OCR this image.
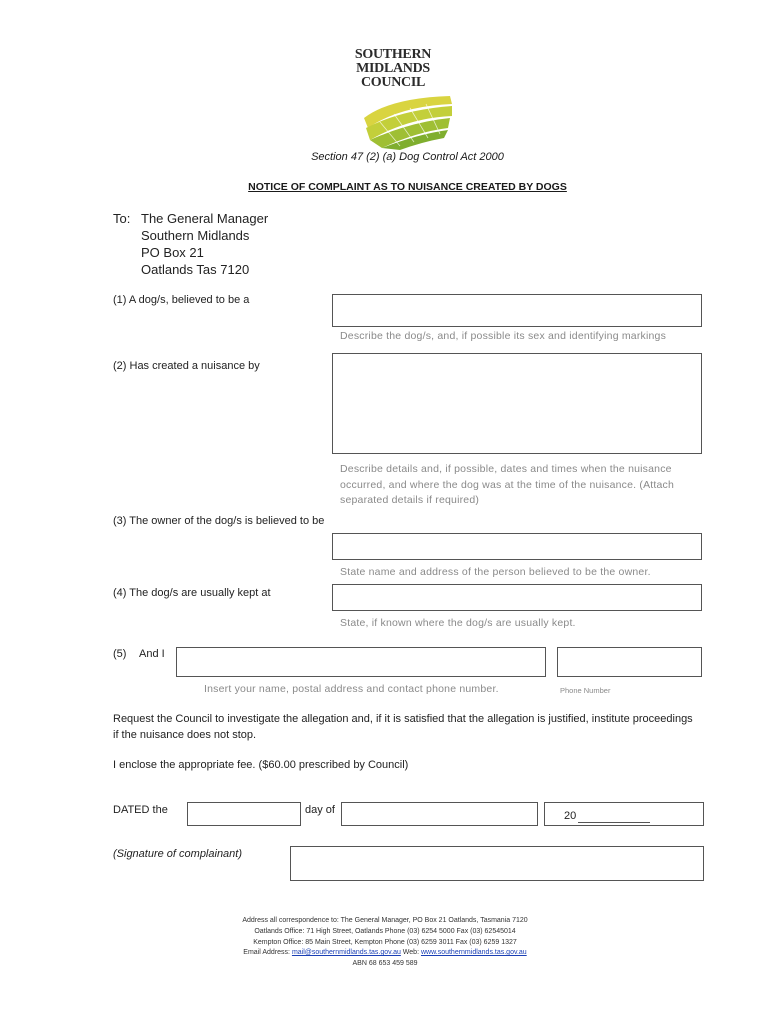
SOUTHERN
MIDLANDS
COUNCIL
Section 47 (2) (a) Dog Control Act 2000
NOTICE OF COMPLAINT AS TO NUISANCE CREATED BY DOGS
To: The General Manager
Southern Midlands
PO Box 21
Oatlands Tas 7120
(1) A dog/s, believed to be a
Describe the dog/s, and, if possible its sex and identifying markings
(2) Has created a nuisance by
Describe details and, if possible, dates and times when the nuisance
occurred, and where the dog was at the time of the nuisance. (Attach
separated details if required)
(3) The owner of the dog/s is believed to be
State name and address of the person believed to be the owner.
(4) The dog/s are usually kept at
State, if known where the dog/s are usually kept.
(5) And I
Insert your name, postal address and contact phone number.	Phone Number
Request the Council to investigate the allegation and, if it is satisfied that the allegation is justified, institute proceedings
if the nuisance does not stop.
I enclose the appropriate fee. ($60.00 prescribed by Council)
DATED the	day of	20
(Signature of complainant)
Address all correspondence to: The General Manager, PO Box 21 Oatlands, Tasmania 7120
Oatlands Office: 71 High Street, Oatlands Phone (03) 6254 5000 Fax (03) 62545014
Kempton Office: 85 Main Street, Kempton Phone (03) 6259 3011 Fax (03) 6259 1327
Email Address: mail@southernmidlands.tas.gov.au Web: www.southernmidlands.tas.gov.au
ABN 68 653 459 589
